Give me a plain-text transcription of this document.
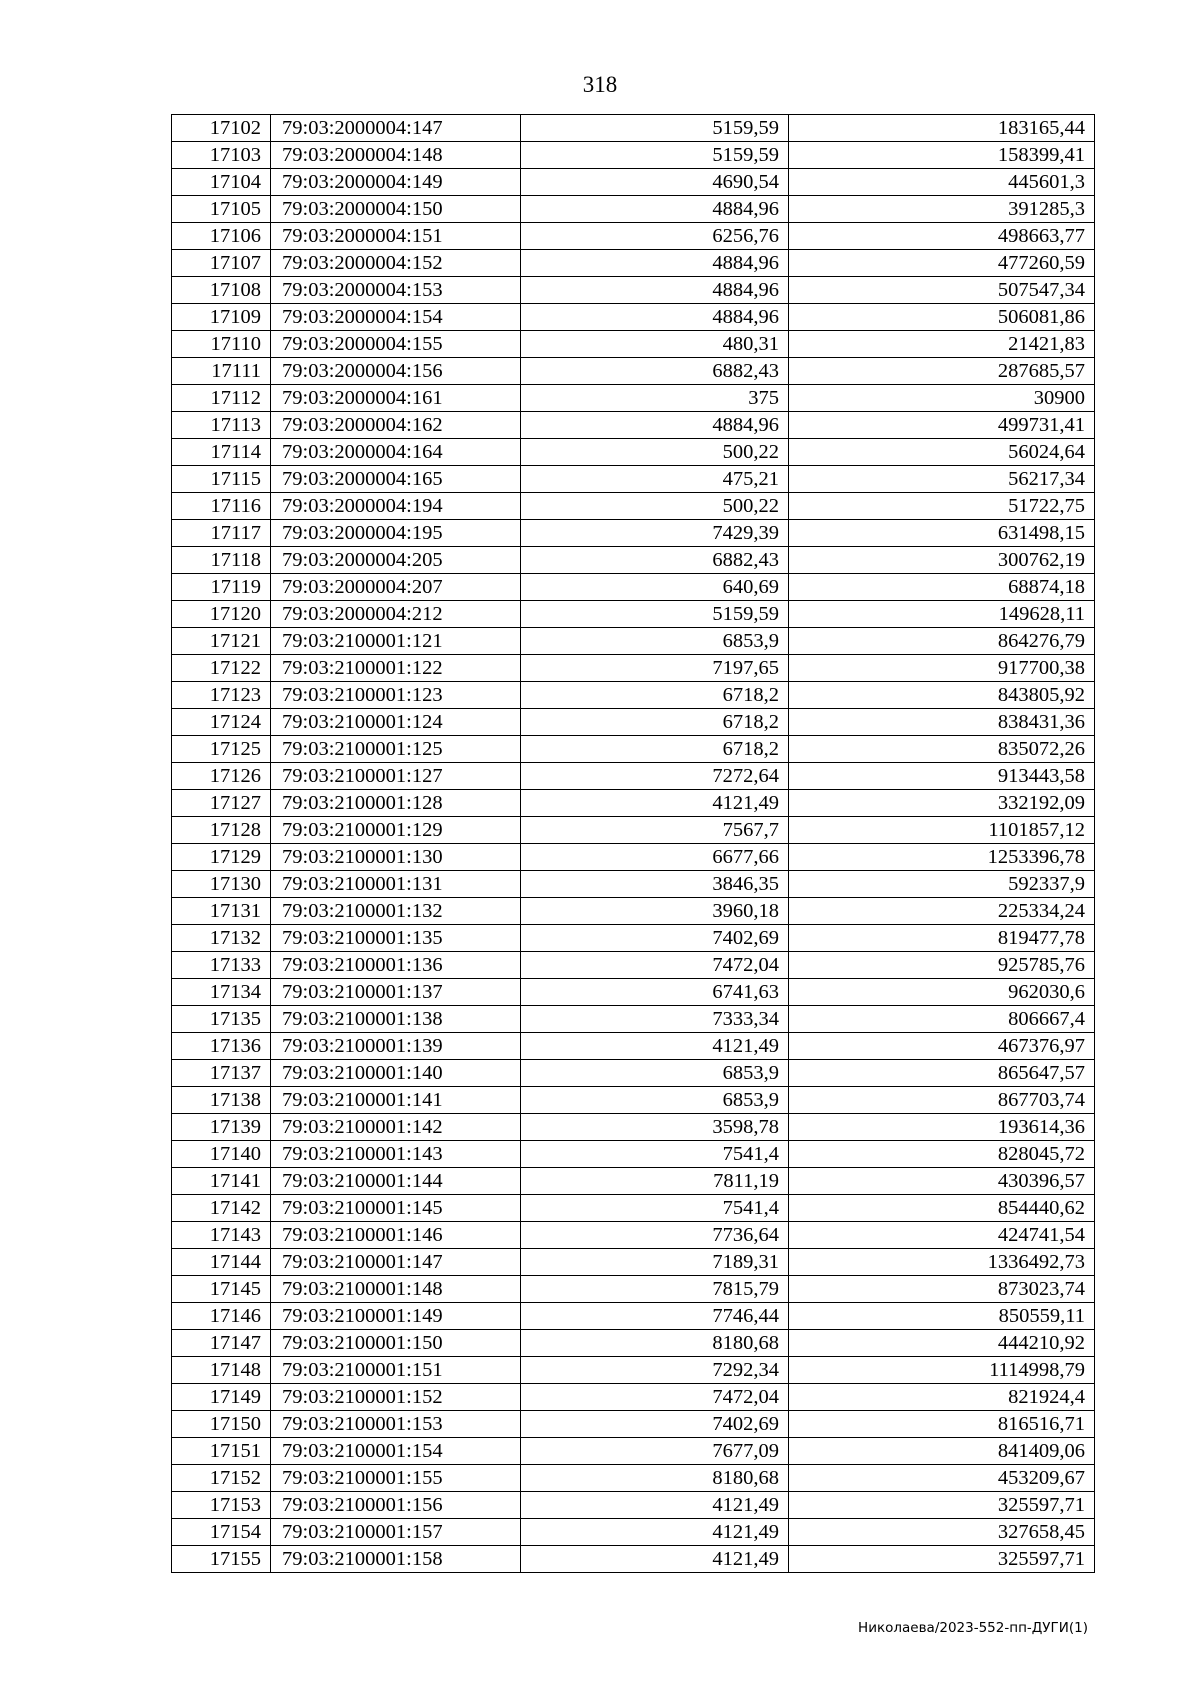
318
17102	79:03:2000004:147	5159,59	183165,44
17103	79:03:2000004:148	5159,59	158399,41
17104	79:03:2000004:149	4690,54	445601,3
17105	79:03:2000004:150	4884,96	391285,3
17106	79:03:2000004:151	6256,76	498663,77
17107	79:03:2000004:152	4884,96	477260,59
17108	79:03:2000004:153	4884,96	507547,34
17109	79:03:2000004:154	4884,96	506081,86
17110	79:03:2000004:155	480,31	21421,83
17111	79:03:2000004:156	6882,43	287685,57
17112	79:03:2000004:161	375	30900
17113	79:03:2000004:162	4884,96	499731,41
17114	79:03:2000004:164	500,22	56024,64
17115	79:03:2000004:165	475,21	56217,34
17116	79:03:2000004:194	500,22	51722,75
17117	79:03:2000004:195	7429,39	631498,15
17118	79:03:2000004:205	6882,43	300762,19
17119	79:03:2000004:207	640,69	68874,18
17120	79:03:2000004:212	5159,59	149628,11
17121	79:03:2100001:121	6853,9	864276,79
17122	79:03:2100001:122	7197,65	917700,38
17123	79:03:2100001:123	6718,2	843805,92
17124	79:03:2100001:124	6718,2	838431,36
17125	79:03:2100001:125	6718,2	835072,26
17126	79:03:2100001:127	7272,64	913443,58
17127	79:03:2100001:128	4121,49	332192,09
17128	79:03:2100001:129	7567,7	1101857,12
17129	79:03:2100001:130	6677,66	1253396,78
17130	79:03:2100001:131	3846,35	592337,9
17131	79:03:2100001:132	3960,18	225334,24
17132	79:03:2100001:135	7402,69	819477,78
17133	79:03:2100001:136	7472,04	925785,76
17134	79:03:2100001:137	6741,63	962030,6
17135	79:03:2100001:138	7333,34	806667,4
17136	79:03:2100001:139	4121,49	467376,97
17137	79:03:2100001:140	6853,9	865647,57
17138	79:03:2100001:141	6853,9	867703,74
17139	79:03:2100001:142	3598,78	193614,36
17140	79:03:2100001:143	7541,4	828045,72
17141	79:03:2100001:144	7811,19	430396,57
17142	79:03:2100001:145	7541,4	854440,62
17143	79:03:2100001:146	7736,64	424741,54
17144	79:03:2100001:147	7189,31	1336492,73
17145	79:03:2100001:148	7815,79	873023,74
17146	79:03:2100001:149	7746,44	850559,11
17147	79:03:2100001:150	8180,68	444210,92
17148	79:03:2100001:151	7292,34	1114998,79
17149	79:03:2100001:152	7472,04	821924,4
17150	79:03:2100001:153	7402,69	816516,71
17151	79:03:2100001:154	7677,09	841409,06
17152	79:03:2100001:155	8180,68	453209,67
17153	79:03:2100001:156	4121,49	325597,71
17154	79:03:2100001:157	4121,49	327658,45
17155	79:03:2100001:158	4121,49	325597,71
Николаева/2023-552-пп-ДУГИ(1)
